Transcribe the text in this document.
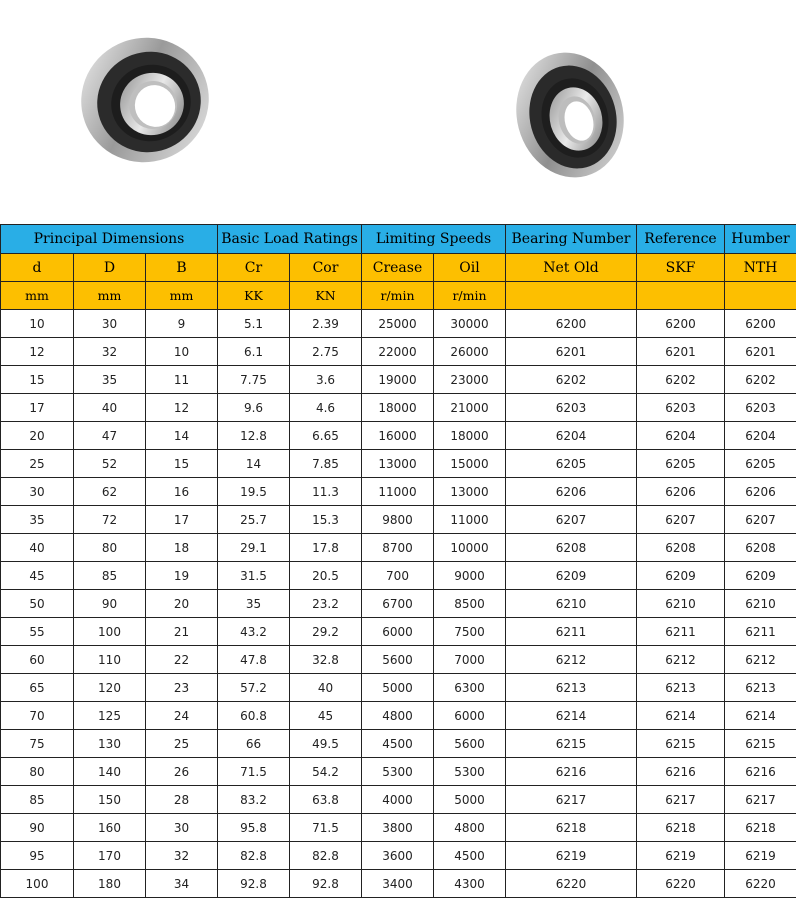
Principal Dimensions			Basic Load Ratings		Limiting Speeds		Bearing Number	Reference	Humber
d	D	B	Cr	Cor	Crease	Oil	Net Old	SKF	NTH
mm	mm	mm	KK	KN	r/min	r/min			
10	30	9	5.1	2.39	25000	30000	6200	6200	6200
12	32	10	6.1	2.75	22000	26000	6201	6201	6201
15	35	11	7.75	3.6	19000	23000	6202	6202	6202
17	40	12	9.6	4.6	18000	21000	6203	6203	6203
20	47	14	12.8	6.65	16000	18000	6204	6204	6204
25	52	15	14	7.85	13000	15000	6205	6205	6205
30	62	16	19.5	11.3	11000	13000	6206	6206	6206
35	72	17	25.7	15.3	9800	11000	6207	6207	6207
40	80	18	29.1	17.8	8700	10000	6208	6208	6208
45	85	19	31.5	20.5	700	9000	6209	6209	6209
50	90	20	35	23.2	6700	8500	6210	6210	6210
55	100	21	43.2	29.2	6000	7500	6211	6211	6211
60	110	22	47.8	32.8	5600	7000	6212	6212	6212
65	120	23	57.2	40	5000	6300	6213	6213	6213
70	125	24	60.8	45	4800	6000	6214	6214	6214
75	130	25	66	49.5	4500	5600	6215	6215	6215
80	140	26	71.5	54.2	5300	5300	6216	6216	6216
85	150	28	83.2	63.8	4000	5000	6217	6217	6217
90	160	30	95.8	71.5	3800	4800	6218	6218	6218
95	170	32	82.8	82.8	3600	4500	6219	6219	6219
100	180	34	92.8	92.8	3400	4300	6220	6220	6220
